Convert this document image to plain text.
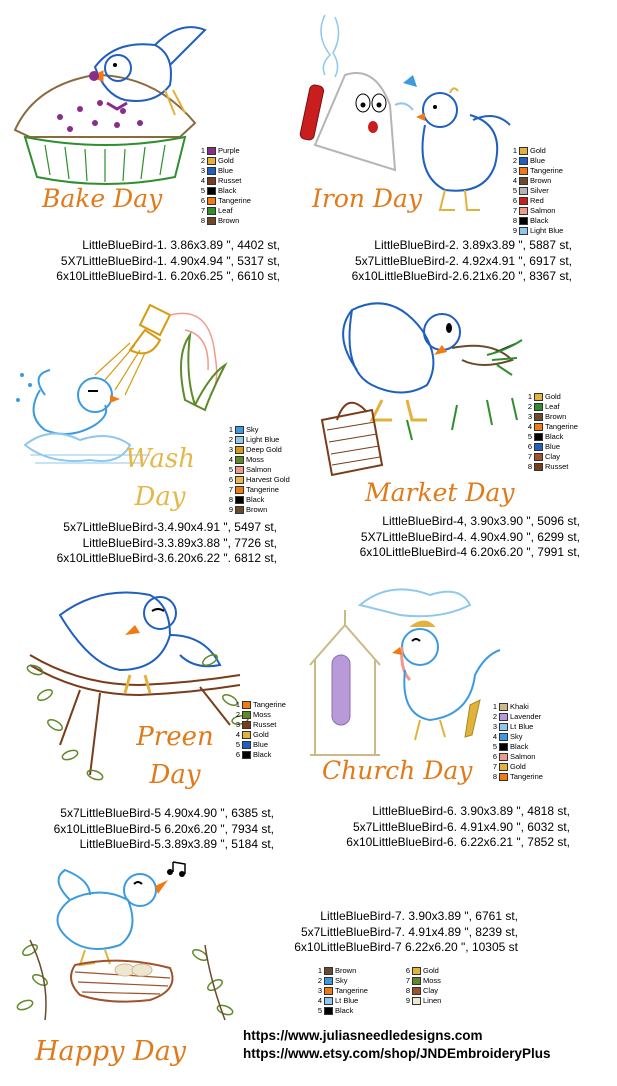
Bake Day
1 Purple
2 Gold
3 Blue
4 Russet
5 Black
6 Tangerine
7 Leaf
8 Brown
LittleBlueBird-1. 3.86x3.89 ", 4402 st,
5X7LittleBlueBird-1. 4.90x4.94 ", 5317 st,
6x10LittleBlueBird-1. 6.20x6.25 ", 6610 st,
Iron Day
1 Gold
2 Blue
3 Tangerine
4 Brown
5 Silver
6 Red
7 Salmon
8 Black
9 Light Blue
LittleBlueBird-2. 3.89x3.89 ", 5887 st,
5x7LittleBlueBird-2. 4.92x4.91 ", 6917 st,
6x10LittleBlueBird-2.6.21x6.20 ", 8367 st,
Wash Day
1 Sky
2 Light Blue
3 Deep Gold
4 Moss
5 Salmon
6 Harvest Gold
7 Tangerine
8 Black
9 Brown
5x7LittleBlueBird-3.4.90x4.91 ", 5497 st,
LittleBlueBird-3.3.89x3.88 ", 7726 st,
6x10LittleBlueBird-3.6.20x6.22 ". 6812 st,
Market Day
1 Gold
2 Leaf
3 Brown
4 Tangerine
5 Black
6 Blue
7 Clay
8 Russet
LittleBlueBird-4, 3.90x3.90 ", 5096 st,
5X7LittleBlueBird-4. 4.90x4.90 ", 6299 st,
6x10LittleBlueBird-4 6.20x6.20 ", 7991 st,
Preen Day
1 Tangerine
2 Moss
3 Russet
4 Gold
5 Blue
6 Black
5x7LittleBlueBird-5 4.90x4.90 ", 6385 st,
6x10LittleBlueBird-5 6.20x6.20 ", 7934 st,
LittleBlueBird-5.3.89x3.89 ", 5184 st,
Church Day
1 Khaki
2 Lavender
3 Lt Blue
4 Sky
5 Black
6 Salmon
7 Gold
8 Tangerine
LittleBlueBird-6. 3.90x3.89 ", 4818 st,
5x7LittleBlueBird-6. 4.91x4.90 ", 6032 st,
6x10LittleBlueBird-6. 6.22x6.21 ", 7852 st,
Happy Day
LittleBlueBird-7. 3.90x3.89 ", 6761 st,
5x7LittleBlueBird-7. 4.91x4.89 ", 8239 st,
6x10LittleBlueBird-7 6.22x6.20 ", 10305 st
1 Brown
2 Sky
3 Tangerine
4 Lt Blue
5 Black
6 Gold
7 Moss
8 Clay
9 Linen
https://www.juliasneedledesigns.com
https://www.etsy.com/shop/JNDEmbroideryPlus
